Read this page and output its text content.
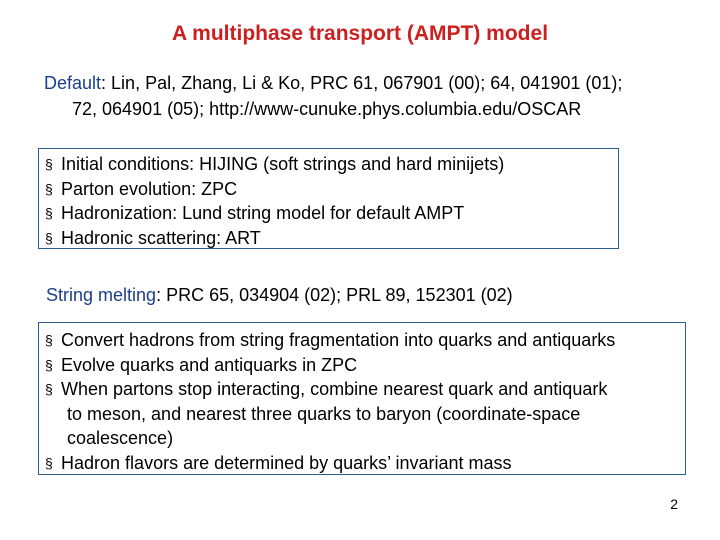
A multiphase transport (AMPT) model
Default: Lin, Pal, Zhang, Li & Ko, PRC 61, 067901 (00); 64, 041901 (01);
72, 064901 (05); http://www-cunuke.phys.columbia.edu/OSCAR
§ Initial conditions: HIJING (soft strings and hard minijets)
§ Parton evolution: ZPC
§ Hadronization: Lund string model for default AMPT
§ Hadronic scattering: ART
String melting: PRC 65, 034904 (02); PRL 89, 152301 (02)
§ Convert hadrons from string fragmentation into quarks and antiquarks
§ Evolve quarks and antiquarks in ZPC
§ When partons stop interacting, combine nearest quark and antiquark
to meson, and nearest three quarks to baryon (coordinate-space
coalescence)
§ Hadron flavors are determined by quarks’ invariant mass
2
